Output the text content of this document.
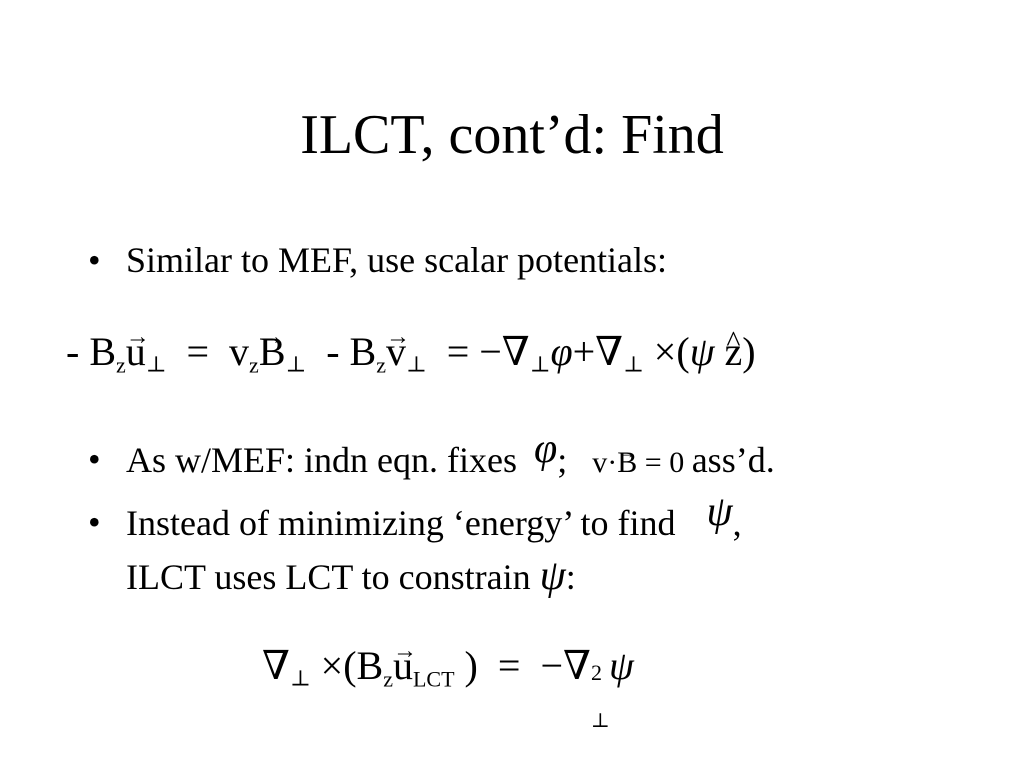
ILCT, cont’d: Find
• Similar to MEF, use scalar potentials:
- $B_z\to$ u⊥ = $v_z\to$ B⊥ - $B_z\to$ v⊥ = −∇⊥φ+∇⊥ ×(ψ ^ z)
• As w/MEF: indn eqn. fixes φ; v·→ B = 0 ass’d.
• Instead of minimizing ‘energy’ to find ψ,
ILCT uses LCT to constrain ψ:
∇⊥ $\times(B_z\to u_{LCT}$ ) = −∇ 2
⊥
ψ
